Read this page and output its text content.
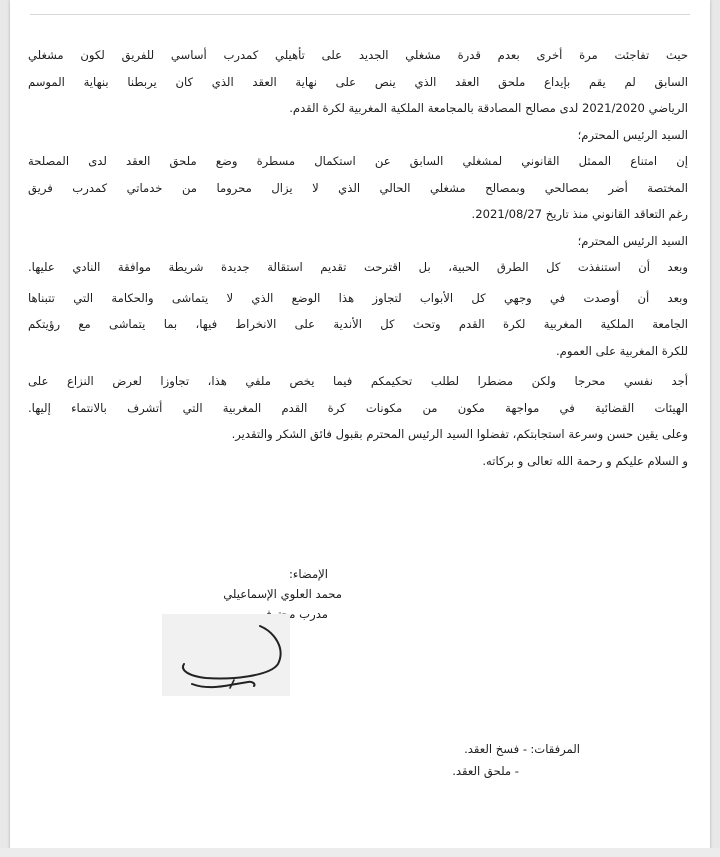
حيث تفاجئت مرة أخرى بعدم قدرة مشغلي الجديد على تأهيلي كمدرب أساسي للفريق لكون مشغلي
السابق لم يقم بإيداع ملحق العقد الذي ينص على نهاية العقد الذي كان يربطنا بنهاية الموسم
الرياضي 2021/2020 لدى مصالح المصادقة بالمجامعة الملكية المغربية لكرة القدم.
السيد الرئيس المحترم؛
إن امتناع الممثل القانوني لمشغلي السابق عن استكمال مسطرة وضع ملحق العقد لدى المصلحة
المختصة أضر بمصالحي وبمصالح مشغلي الحالي الذي لا يزال محروما من خدماتي كمدرب فريق
رغم التعاقد القانوني منذ تاريخ 2021/08/27.
السيد الرئيس المحترم؛
وبعد أن استنفذت كل الطرق الحبية، بل اقترحت تقديم استقالة جديدة شريطة موافقة النادي عليها.
وبعد أن أوصدت في وجهي كل الأبواب لتجاوز هذا الوضع الذي لا يتماشى والحكامة التي تتبناها
الجامعة الملكية المغربية لكرة القدم وتحث كل الأندية على الانخراط فيها، بما يتماشى مع رؤيتكم
للكرة المغربية على العموم.
أجد نفسي محرجا ولكن مضطرا لطلب تحكيمكم فيما يخص ملفي هذا، تجاوزا لعرض النزاع على
الهيئات القضائية في مواجهة مكون من مكونات كرة القدم المغربية التي أتشرف بالانتماء إليها.
وعلى يقين حسن وسرعة استجابتكم، تفضلوا السيد الرئيس المحترم بقبول فائق الشكر والتقدير.
و السلام عليكم و رحمة الله تعالى و بركاته.
الإمضاء:
محمد العلوي الإسماعيلي
مدرب محترف
المرفقات:
- فسخ العقد.
- ملحق العقد.
